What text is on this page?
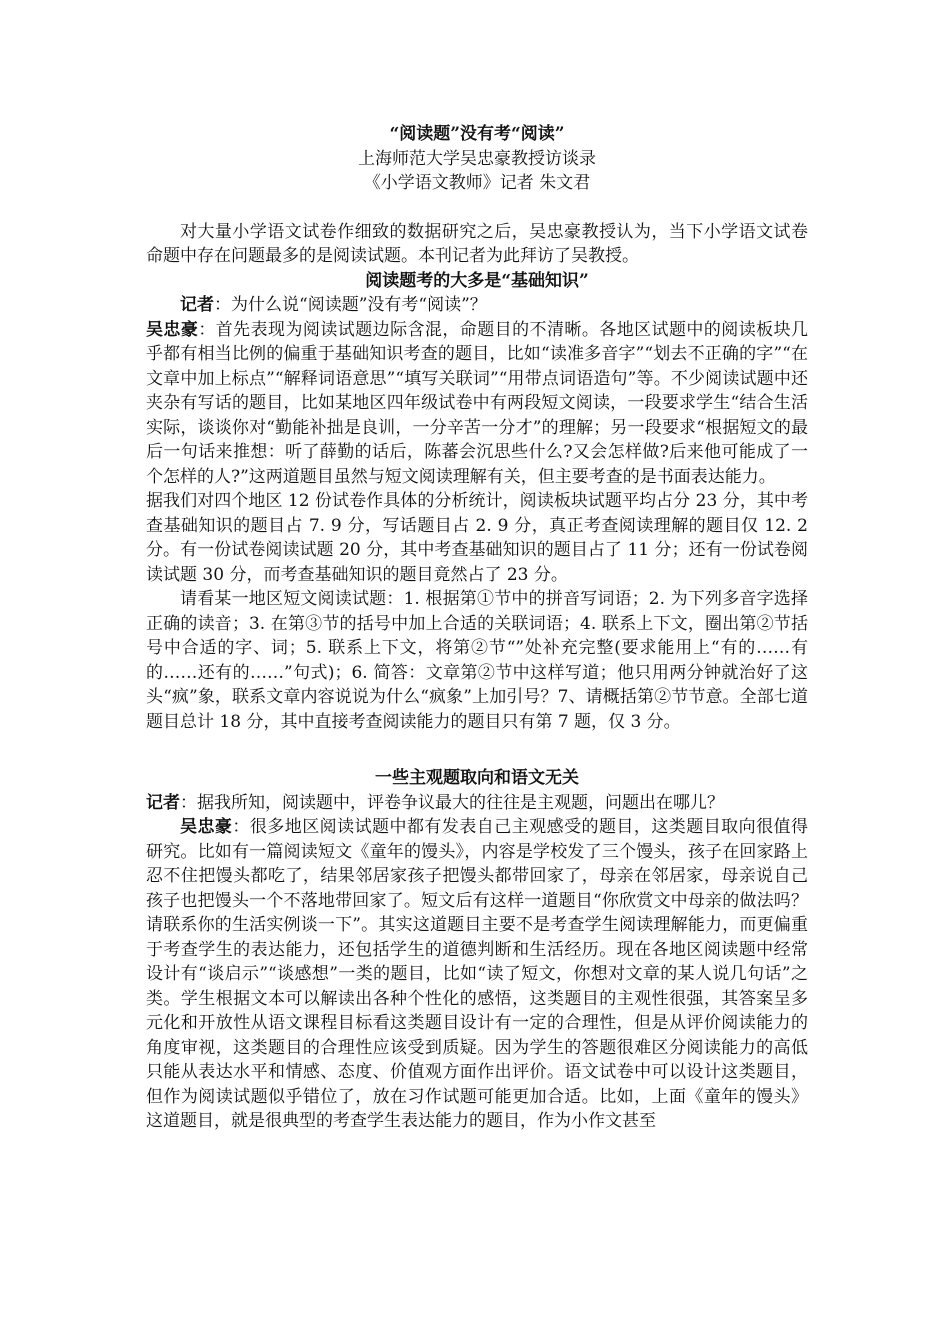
“阅读题”没有考“阅读”

上海师范大学吴忠豪教授访谈录

《小学语文教师》记者 朱文君

对大量小学语文试卷作细致的数据研究之后，吴忠豪教授认为，当下小学语文试卷命题中存在问题最多的是阅读试题。本刊记者为此拜访了吴教授。

阅读题考的大多是“基础知识”

记者：为什么说“阅读题”没有考“阅读”？

吴忠豪：首先表现为阅读试题边际含混，命题目的不清晰。各地区试题中的阅读板块几乎都有相当比例的偏重于基础知识考查的题目，比如“读准多音字”“划去不正确的字”“在文章中加上标点”“解释词语意思”“填写关联词”“用带点词语造句”等。不少阅读试题中还夹杂有写话的题目，比如某地区四年级试卷中有两段短文阅读，一段要求学生“结合生活实际，谈谈你对“勤能补拙是良训，一分辛苦一分才”的理解；另一段要求“根据短文的最后一句话来推想：听了薛勤的话后，陈蕃会沉思些什么?又会怎样做?后来他可能成了一个怎样的人?”这两道题目虽然与短文阅读理解有关，但主要考查的是书面表达能力。

据我们对四个地区 12 份试卷作具体的分析统计，阅读板块试题平均占分 23 分，其中考查基础知识的题目占 7. 9 分，写话题目占 2. 9 分，真正考查阅读理解的题目仅 12. 2 分。有一份试卷阅读试题 20 分，其中考查基础知识的题目占了 11 分；还有一份试卷阅读试题 30 分，而考查基础知识的题目竟然占了 23 分。

请看某一地区短文阅读试题：1. 根据第①节中的拼音写词语；2. 为下列多音字选择正确的读音；3. 在第③节的括号中加上合适的关联词语；4. 联系上下文，圈出第②节括号中合适的字、词；5. 联系上下文，将第②节“”处补充完整(要求能用上“有的……有的……还有的……”句式)；6. 简答：文章第②节中这样写道；他只用两分钟就治好了这头“疯”象，联系文章内容说说为什么“疯象”上加引号？7、请概括第②节节意。全部七道题目总计 18 分，其中直接考查阅读能力的题目只有第 7 题，仅 3 分。

一些主观题取向和语文无关

记者：据我所知，阅读题中，评卷争议最大的往往是主观题，问题出在哪儿？

吴忠豪：很多地区阅读试题中都有发表自己主观感受的题目，这类题目取向很值得研究。比如有一篇阅读短文《童年的馒头》，内容是学校发了三个馒头，孩子在回家路上忍不住把馒头都吃了，结果邻居家孩子把馒头都带回家了，母亲在邻居家，母亲说自己孩子也把馒头一个不落地带回家了。短文后有这样一道题目“你欣赏文中母亲的做法吗？请联系你的生活实例谈一下”。其实这道题目主要不是考查学生阅读理解能力，而更偏重于考查学生的表达能力，还包括学生的道德判断和生活经历。现在各地区阅读题中经常设计有“谈启示”“谈感想”一类的题目，比如“读了短文，你想对文章的某人说几句话”之类。学生根据文本可以解读出各种个性化的感悟，这类题目的主观性很强，其答案呈多元化和开放性从语文课程目标看这类题目设计有一定的合理性，但是从评价阅读能力的角度审视，这类题目的合理性应该受到质疑。因为学生的答题很难区分阅读能力的高低只能从表达水平和情感、态度、价值观方面作出评价。语文试卷中可以设计这类题目，但作为阅读试题似乎错位了，放在习作试题可能更加合适。比如，上面《童年的馒头》这道题目，就是很典型的考查学生表达能力的题目，作为小作文甚至
